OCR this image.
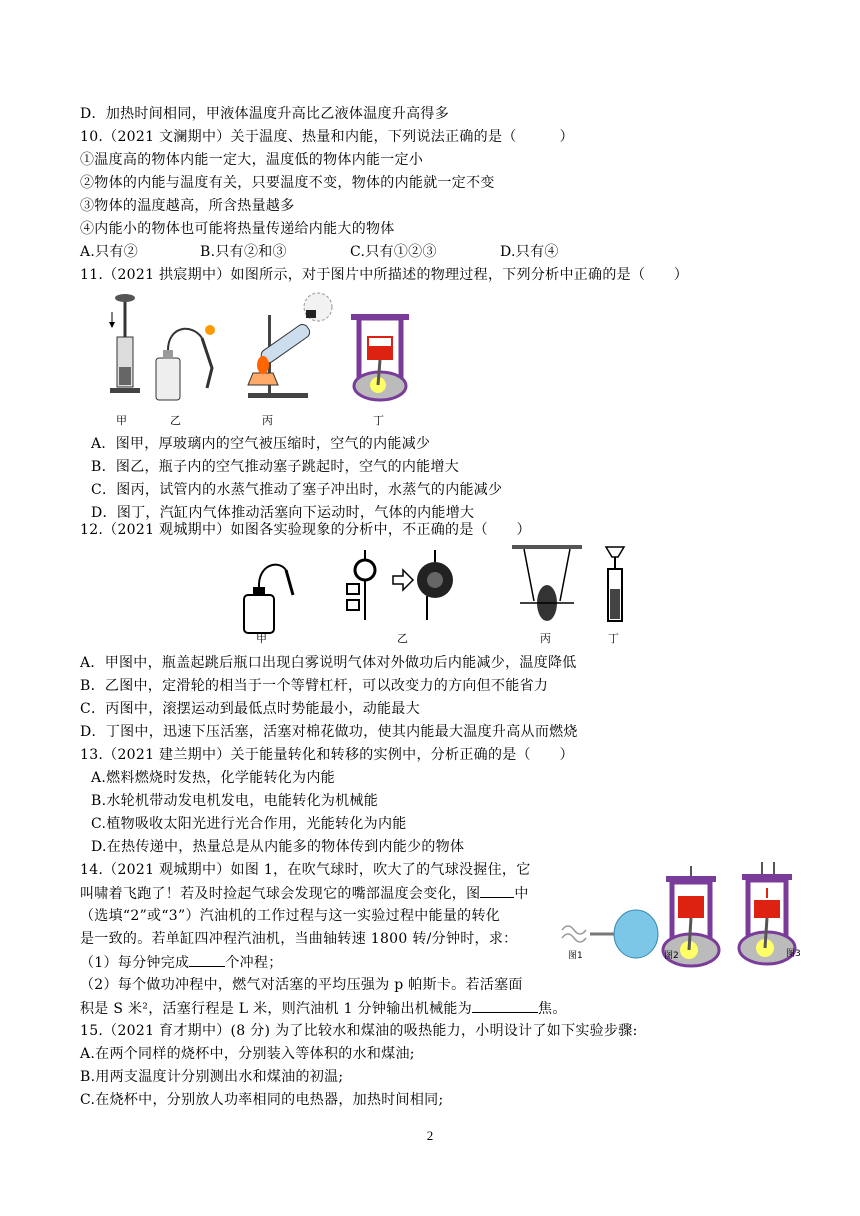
D．加热时间相同，甲液体温度升高比乙液体温度升高得多
10.（2021 文澜期中）关于温度、热量和内能，下列说法正确的是（　　　）
①温度高的物体内能一定大，温度低的物体内能一定小
②物体的内能与温度有关，只要温度不变，物体的内能就一定不变
③物体的温度越高，所含热量越多
④内能小的物体也可能将热量传递给内能大的物体
A.只有②	B.只有②和③	C.只有①②③	D.只有④
11.（2021 拱宸期中）如图所示，对于图片中所描述的物理过程，下列分析中正确的是（　　）
甲	乙	丙	丁
A．图甲，厚玻璃内的空气被压缩时，空气的内能减少
B．图乙，瓶子内的空气推动塞子跳起时，空气的内能增大
C．图丙，试管内的水蒸气推动了塞子冲出时，水蒸气的内能减少
D．图丁，汽缸内气体推动活塞向下运动时，气体的内能增大
12.（2021 观城期中）如图各实验现象的分析中，不正确的是（　　）
甲	乙	丙	丁
A．甲图中，瓶盖起跳后瓶口出现白雾说明气体对外做功后内能减少，温度降低
B．乙图中，定滑轮的相当于一个等臂杠杆，可以改变力的方向但不能省力
C．丙图中，滚摆运动到最低点时势能最小，动能最大
D．丁图中，迅速下压活塞，活塞对棉花做功，使其内能最大温度升高从而燃烧
13.（2021 建兰期中）关于能量转化和转移的实例中，分析正确的是（　　）
A.燃料燃烧时发热，化学能转化为内能
B.水轮机带动发电机发电，电能转化为机械能
C.植物吸收太阳光进行光合作用，光能转化为内能
D.在热传递中，热量总是从内能多的物体传到内能少的物体
14.（2021 观城期中）如图 1，在吹气球时，吹大了的气球没握住，它
叫啸着飞跑了！若及时捡起气球会发现它的嘴部温度会变化，图 中
（选填“2”或“3”）汽油机的工作过程与这一实验过程中能量的转化
是一致的。若单缸四冲程汽油机，当曲轴转速 1800 转/分钟时，求：
（1）每分钟完成	个冲程；
（2）每个做功冲程中，燃气对活塞的平均压强为 p 帕斯卡。若活塞面
积是 S 米²，活塞行程是 L 米，则汽油机 1 分钟输出机械能为	焦。
图1	图2	图3
15.（2021 育才期中）(8 分) 为了比较水和煤油的吸热能力，小明设计了如下实验步骤:
A.在两个同样的烧杯中，分别装入等体积的水和煤油;
B.用两支温度计分别测出水和煤油的初温;
C.在烧杯中，分别放人功率相同的电热器，加热时间相同;
2
